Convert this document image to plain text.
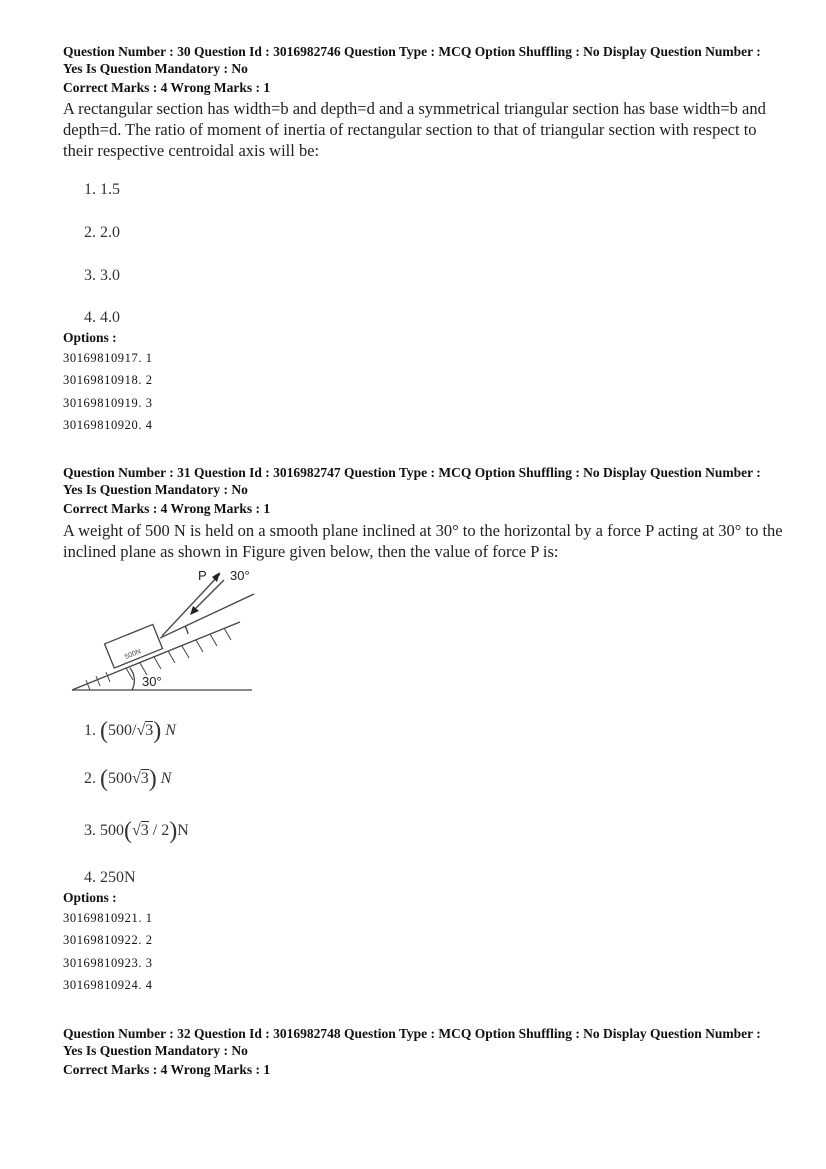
Question Number : 30 Question Id : 3016982746 Question Type : MCQ Option Shuffling : No Display Question Number : Yes Is Question Mandatory : No
Correct Marks : 4 Wrong Marks : 1
A rectangular section has width=b and depth=d and a symmetrical triangular section has base width=b and depth=d. The ratio of moment of inertia of rectangular section to that of triangular section with respect to their respective centroidal axis will be:
1. 1.5
2. 2.0
3. 3.0
4. 4.0
Options :
30169810917. 1
30169810918. 2
30169810919. 3
30169810920. 4
Question Number : 31 Question Id : 3016982747 Question Type : MCQ Option Shuffling : No Display Question Number : Yes Is Question Mandatory : No
Correct Marks : 4 Wrong Marks : 1
A weight of 500 N is held on a smooth plane inclined at 30° to the horizontal by a force P acting at 30° to the inclined plane as shown in Figure given below, then the value of force P is:
P 30°
500N
30°
1. (500/√3) N
2. (500√3) N
3. 500(√3 / 2)N
4. 250N
Options :
30169810921. 1
30169810922. 2
30169810923. 3
30169810924. 4
Question Number : 32 Question Id : 3016982748 Question Type : MCQ Option Shuffling : No Display Question Number : Yes Is Question Mandatory : No
Correct Marks : 4 Wrong Marks : 1
